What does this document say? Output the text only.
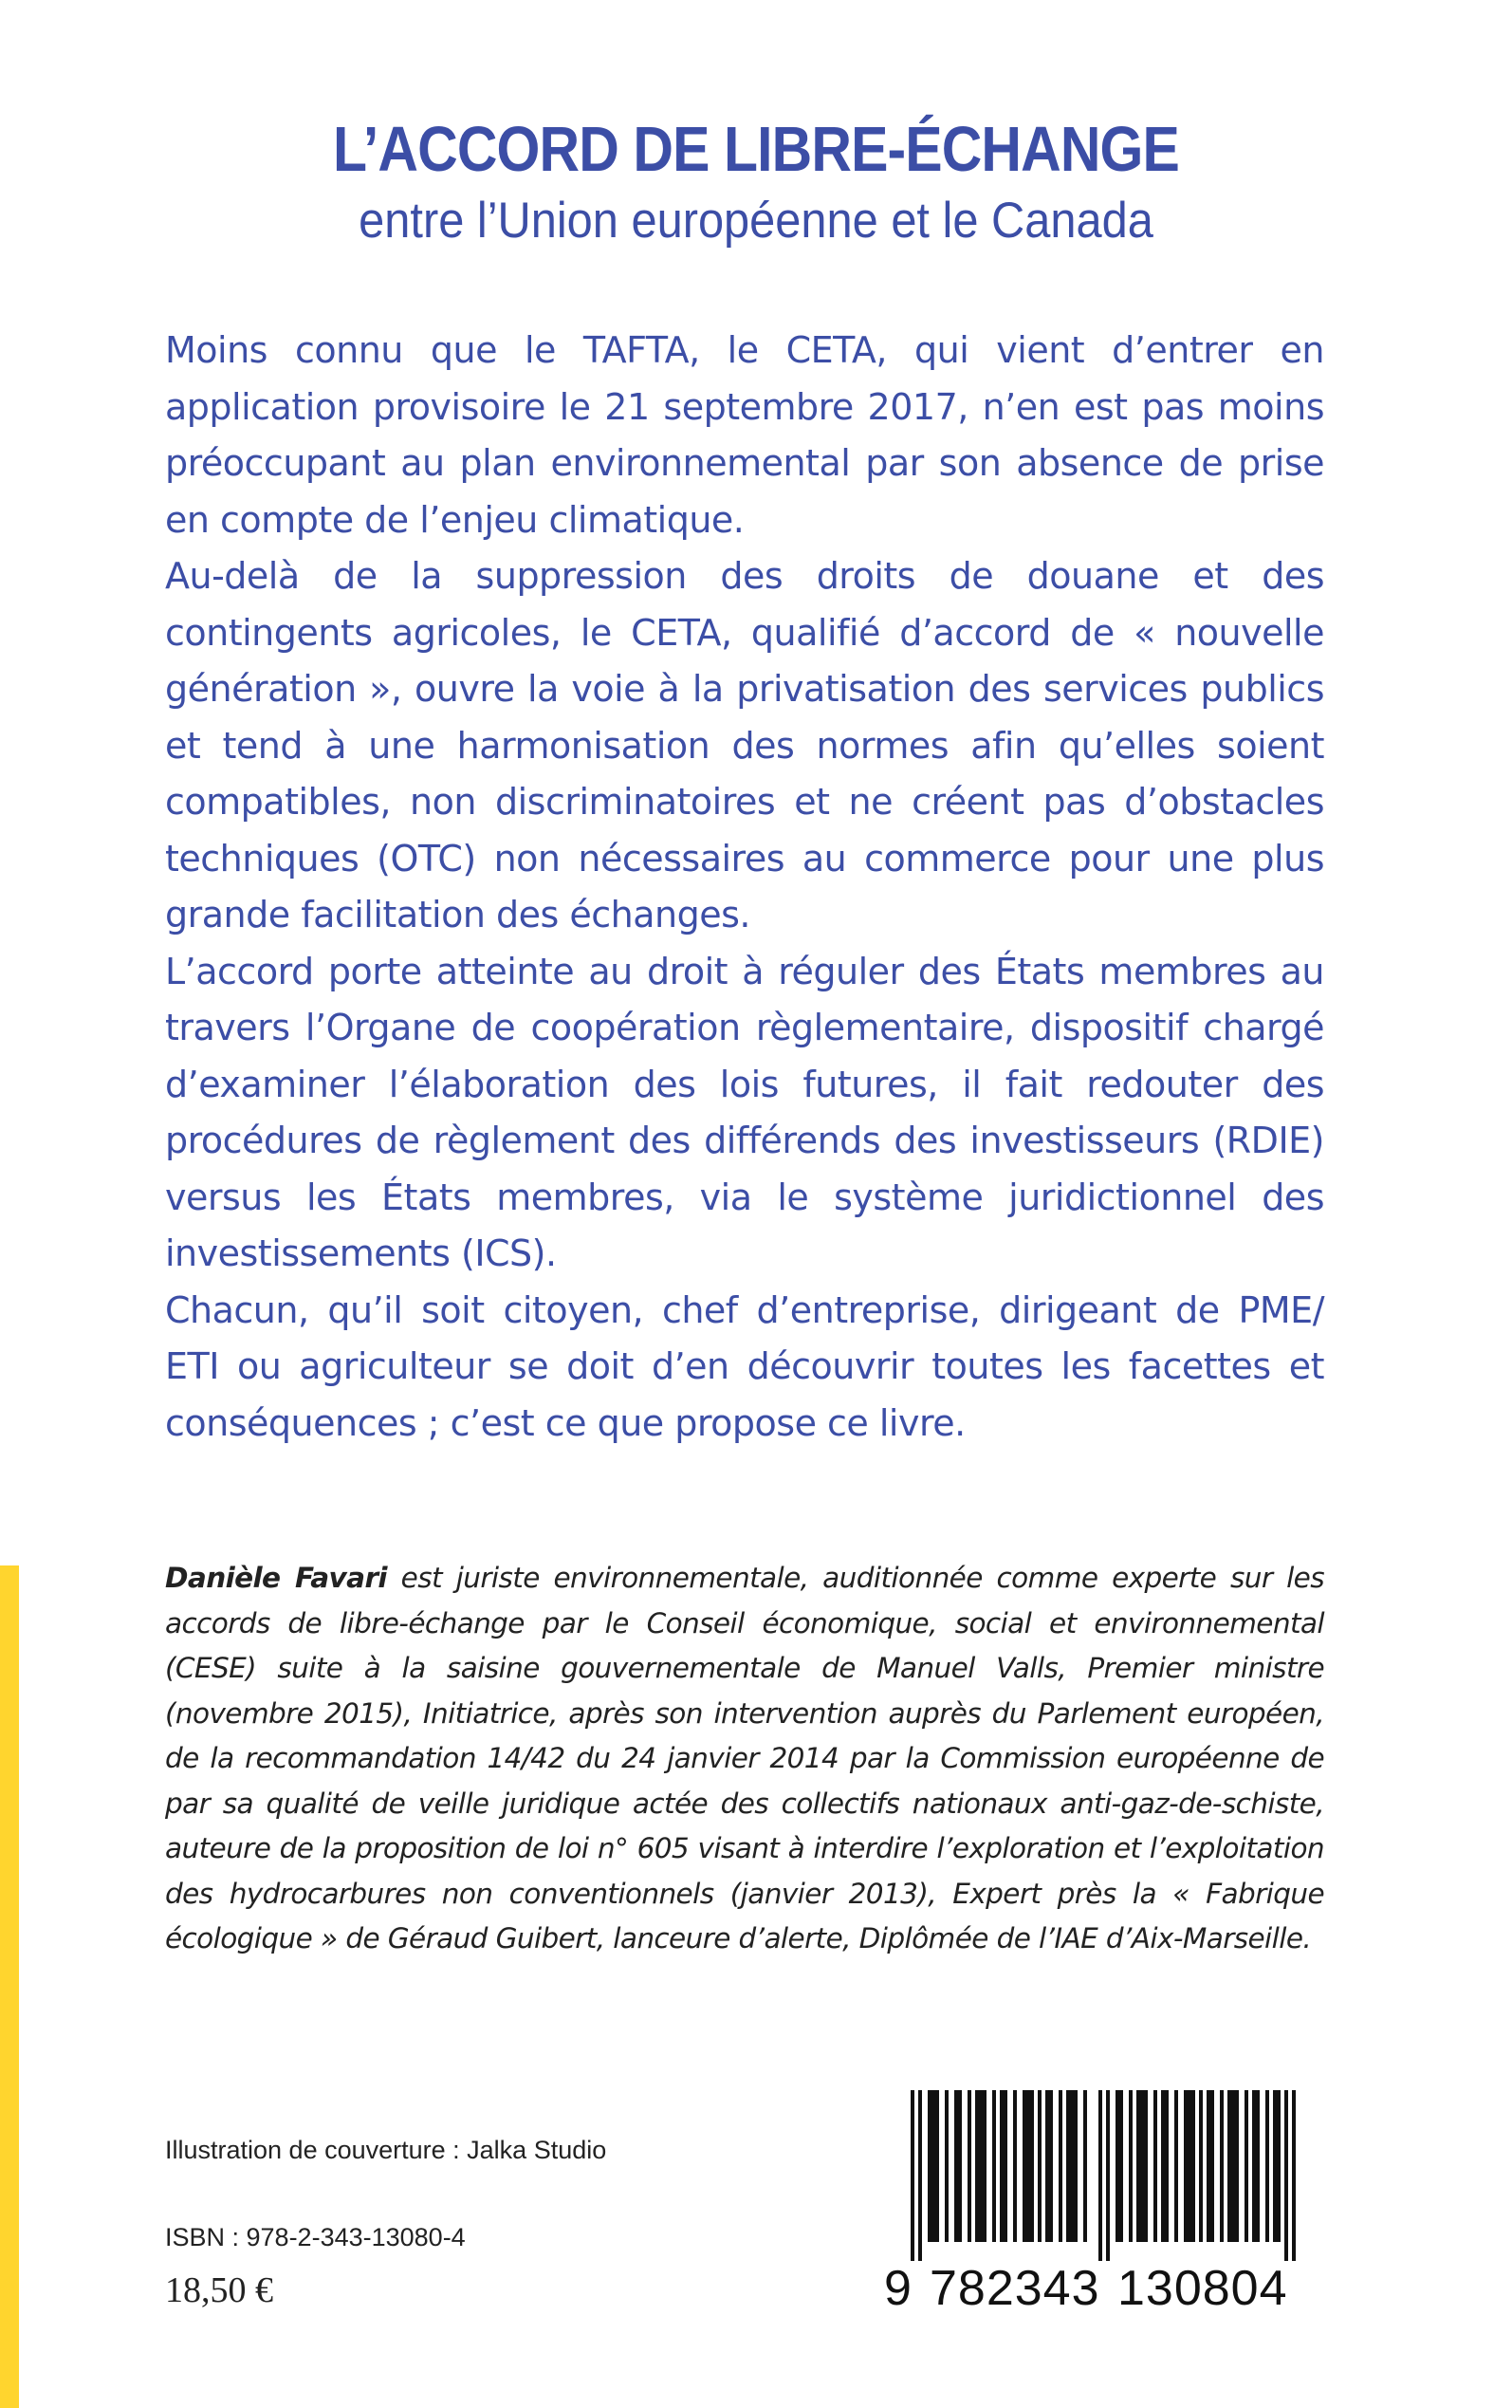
L’ACCORD DE LIBRE-ÉCHANGE
entre l’Union européenne et le Canada

Moins connu que le TAFTA, le CETA, qui vient d’entrer en application provisoire le 21 septembre 2017, n’en est pas moins préoccupant au plan environnemental par son absence de prise en compte de l’enjeu climatique.

Au-delà de la suppression des droits de douane et des contingents agricoles, le CETA, qualifié d’accord de « nouvelle génération », ouvre la voie à la privatisation des services publics et tend à une harmonisation des normes afin qu’elles soient compatibles, non discriminatoires et ne créent pas d’obstacles techniques (OTC) non nécessaires au commerce pour une plus grande facilitation des échanges.

L’accord porte atteinte au droit à réguler des États membres au travers l’Organe de coopération règlementaire, dispositif chargé d’examiner l’élaboration des lois futures, il fait redouter des procédures de règlement des différends des investisseurs (RDIE) versus les États membres, via le système juridictionnel des investissements (ICS).

Chacun, qu’il soit citoyen, chef d’entreprise, dirigeant de PME/ ETI ou agriculteur se doit d’en découvrir toutes les facettes et conséquences ; c’est ce que propose ce livre.

Danièle Favari est juriste environnementale, auditionnée comme experte sur les accords de libre-échange par le Conseil économique, social et environnemental (CESE) suite à la saisine gouvernementale de Manuel Valls, Premier ministre (novembre 2015), Initiatrice, après son intervention auprès du Parlement européen, de la recommandation 14/42 du 24 janvier 2014 par la Commission européenne de par sa qualité de veille juridique actée des collectifs nationaux anti-gaz-de-schiste, auteure de la proposition de loi n° 605 visant à interdire l’exploration et l’exploitation des hydrocarbures non conventionnels (janvier 2013), Expert près la « Fabrique écologique » de Géraud Guibert, lanceure d’alerte, Diplômée de l’IAE d’Aix-Marseille.
Illustration de couverture : Jalka Studio
ISBN : 978-2-343-13080-4
18,50 €	9 782343 130804
